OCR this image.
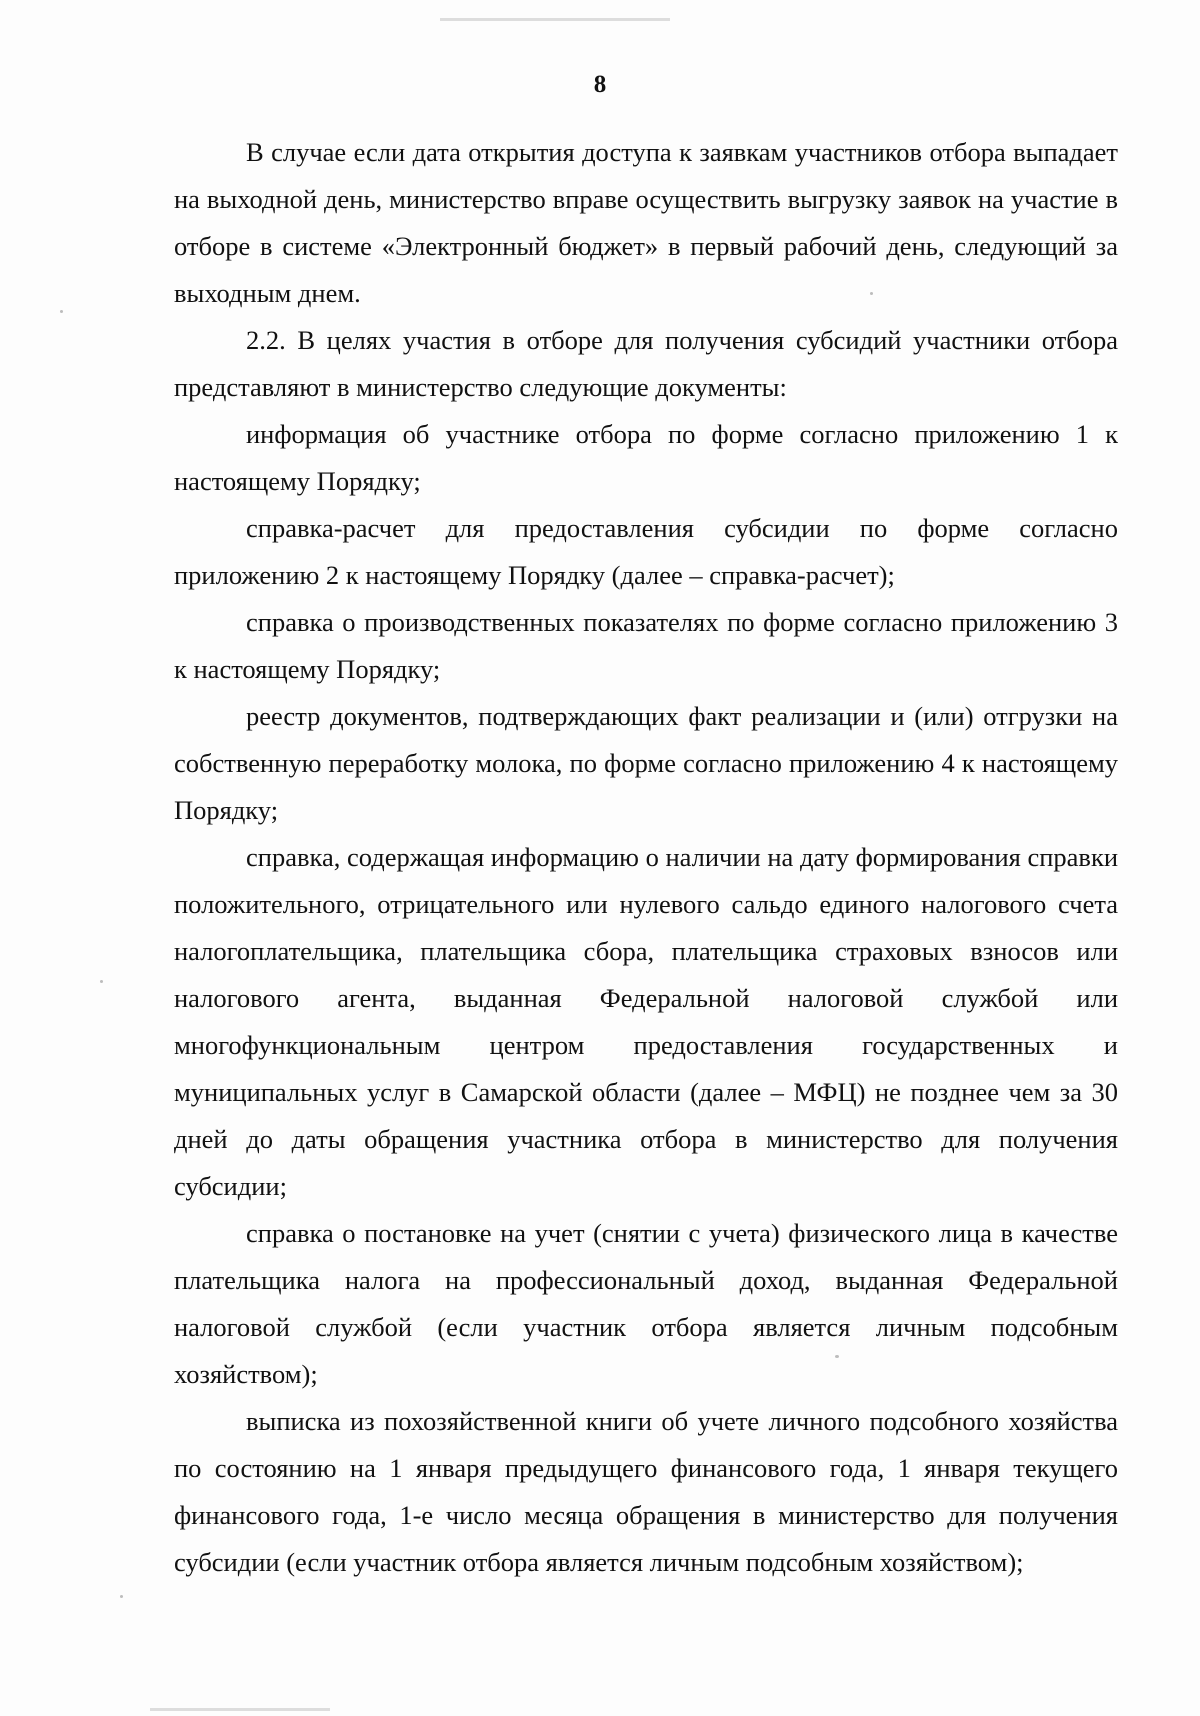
8

В случае если дата открытия доступа к заявкам участников отбора выпадает на выходной день, министерство вправе осуществить выгрузку заявок на участие в отборе в системе «Электронный бюджет» в первый рабочий день, следующий за выходным днем.

2.2. В целях участия в отборе для получения субсидий участники отбора представляют в министерство следующие документы:

информация об участнике отбора по форме согласно приложению 1 к настоящему Порядку;

справка-расчет для предоставления субсидии по форме согласно приложению 2 к настоящему Порядку (далее – справка-расчет);

справка о производственных показателях по форме согласно приложению 3 к настоящему Порядку;

реестр документов, подтверждающих факт реализации и (или) отгрузки на собственную переработку молока, по форме согласно приложению 4 к настоящему Порядку;

справка, содержащая информацию о наличии на дату формирования справки положительного, отрицательного или нулевого сальдо единого налогового счета налогоплательщика, плательщика сбора, плательщика страховых взносов или налогового агента, выданная Федеральной налоговой службой или многофункциональным центром предоставления государственных и муниципальных услуг в Самарской области (далее – МФЦ) не позднее чем за 30 дней до даты обращения участника отбора в министерство для получения субсидии;

справка о постановке на учет (снятии с учета) физического лица в качестве плательщика налога на профессиональный доход, выданная Федеральной налоговой службой (если участник отбора является личным подсобным хозяйством);

выписка из похозяйственной книги об учете личного подсобного хозяйства по состоянию на 1 января предыдущего финансового года, 1 января текущего финансового года, 1-е число месяца обращения в министерство для получения субсидии (если участник отбора является личным подсобным хозяйством);
